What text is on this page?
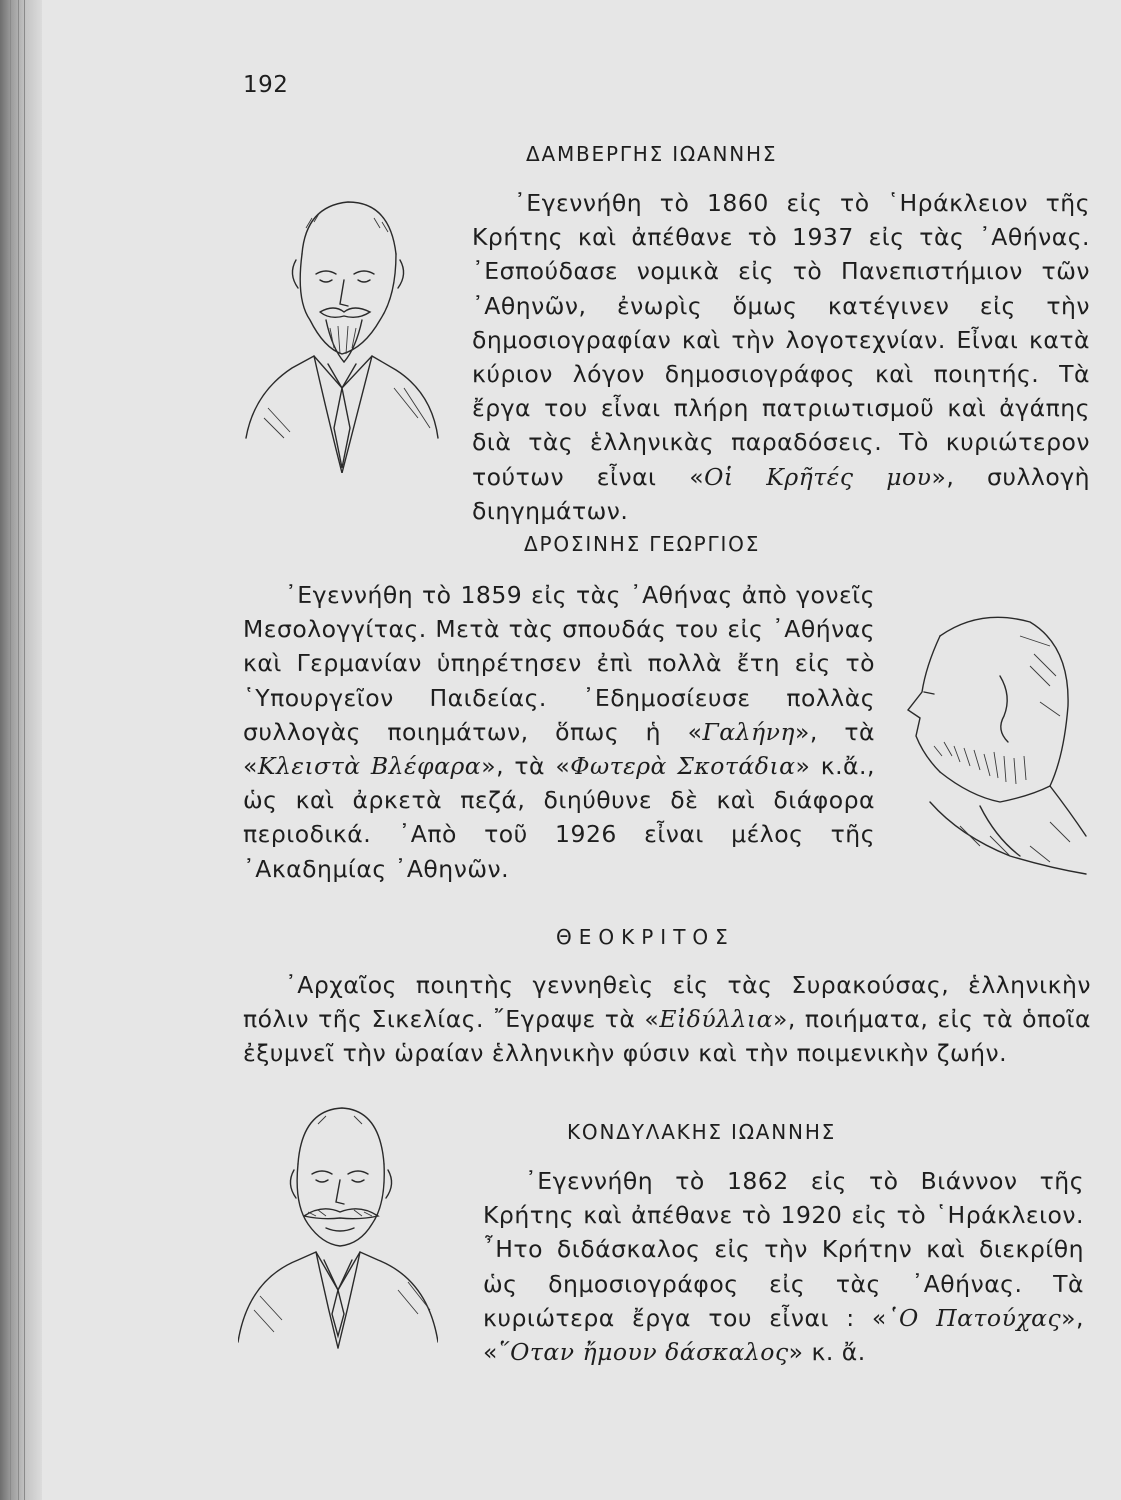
192
ΔΑΜΒΕΡΓΗΣ ΙΩΑΝΝΗΣ

᾿Εγεννήθη τὸ 1860 εἰς τὸ ῾Ηράκλειον τῆς Κρήτης καὶ ἀπέθανε τὸ 1937 εἰς τὰς ᾿Αθήνας. ᾿Εσπούδασε νομικὰ εἰς τὸ Πανεπιστήμιον τῶν ᾿Αθηνῶν, ἐνωρὶς ὅμως κατέγινεν εἰς τὴν δημοσιογραφίαν καὶ τὴν λογοτεχνίαν. Εἶναι κατὰ κύριον λόγον δημοσιογράφος καὶ ποιητής. Τὰ ἔργα του εἶναι πλήρη πατριωτισμοῦ καὶ ἀγάπης διὰ τὰς ἑλληνικὰς παραδόσεις. Τὸ κυριώτερον τούτων εἶναι «Οἱ Κρῆτές μου», συλλογὴ διηγημάτων.

ΔΡΟΣΙΝΗΣ ΓΕΩΡΓΙΟΣ

᾿Εγεννήθη τὸ 1859 εἰς τὰς ᾿Αθήνας ἀπὸ γονεῖς Μεσολογγίτας. Μετὰ τὰς σπουδάς του εἰς ᾿Αθήνας καὶ Γερμανίαν ὑπηρέτησεν ἐπὶ πολλὰ ἔτη εἰς τὸ ῾Υπουργεῖον Παιδείας. ᾿Εδημοσίευσε πολλὰς συλλογὰς ποιημάτων, ὅπως ἡ «Γαλήνη», τὰ «Κλειστὰ Βλέφαρα», τὰ «Φωτερὰ Σκοτάδια» κ.ἄ., ὡς καὶ ἀρκετὰ πεζά, διηύθυνε δὲ καὶ διάφορα περιοδικά. ᾿Απὸ τοῦ 1926 εἶναι μέλος τῆς ᾿Ακαδημίας ᾿Αθηνῶν.

ΘΕΟΚΡΙΤΟΣ

᾿Αρχαῖος ποιητὴς γεννηθεὶς εἰς τὰς Συρακούσας, ἑλληνικὴν πόλιν τῆς Σικελίας. ῎Εγραψε τὰ «Εἰδύλλια», ποιήματα, εἰς τὰ ὁποῖα ἐξυμνεῖ τὴν ὡραίαν ἑλληνικὴν φύσιν καὶ τὴν ποιμενικὴν ζωήν.

ΚΟΝΔΥΛΑΚΗΣ ΙΩΑΝΝΗΣ

᾿Εγεννήθη τὸ 1862 εἰς τὸ Βιάννον τῆς Κρήτης καὶ ἀπέθανε τὸ 1920 εἰς τὸ ῾Ηράκλειον. ῏Ητο διδάσκαλος εἰς τὴν Κρήτην καὶ διεκρίθη ὡς δημοσιογράφος εἰς τὰς ᾿Αθήνας. Τὰ κυριώτερα ἔργα του εἶναι : «῾Ο Πατούχας», «῞Οταν ἤμουν δάσκαλος» κ. ἄ.
